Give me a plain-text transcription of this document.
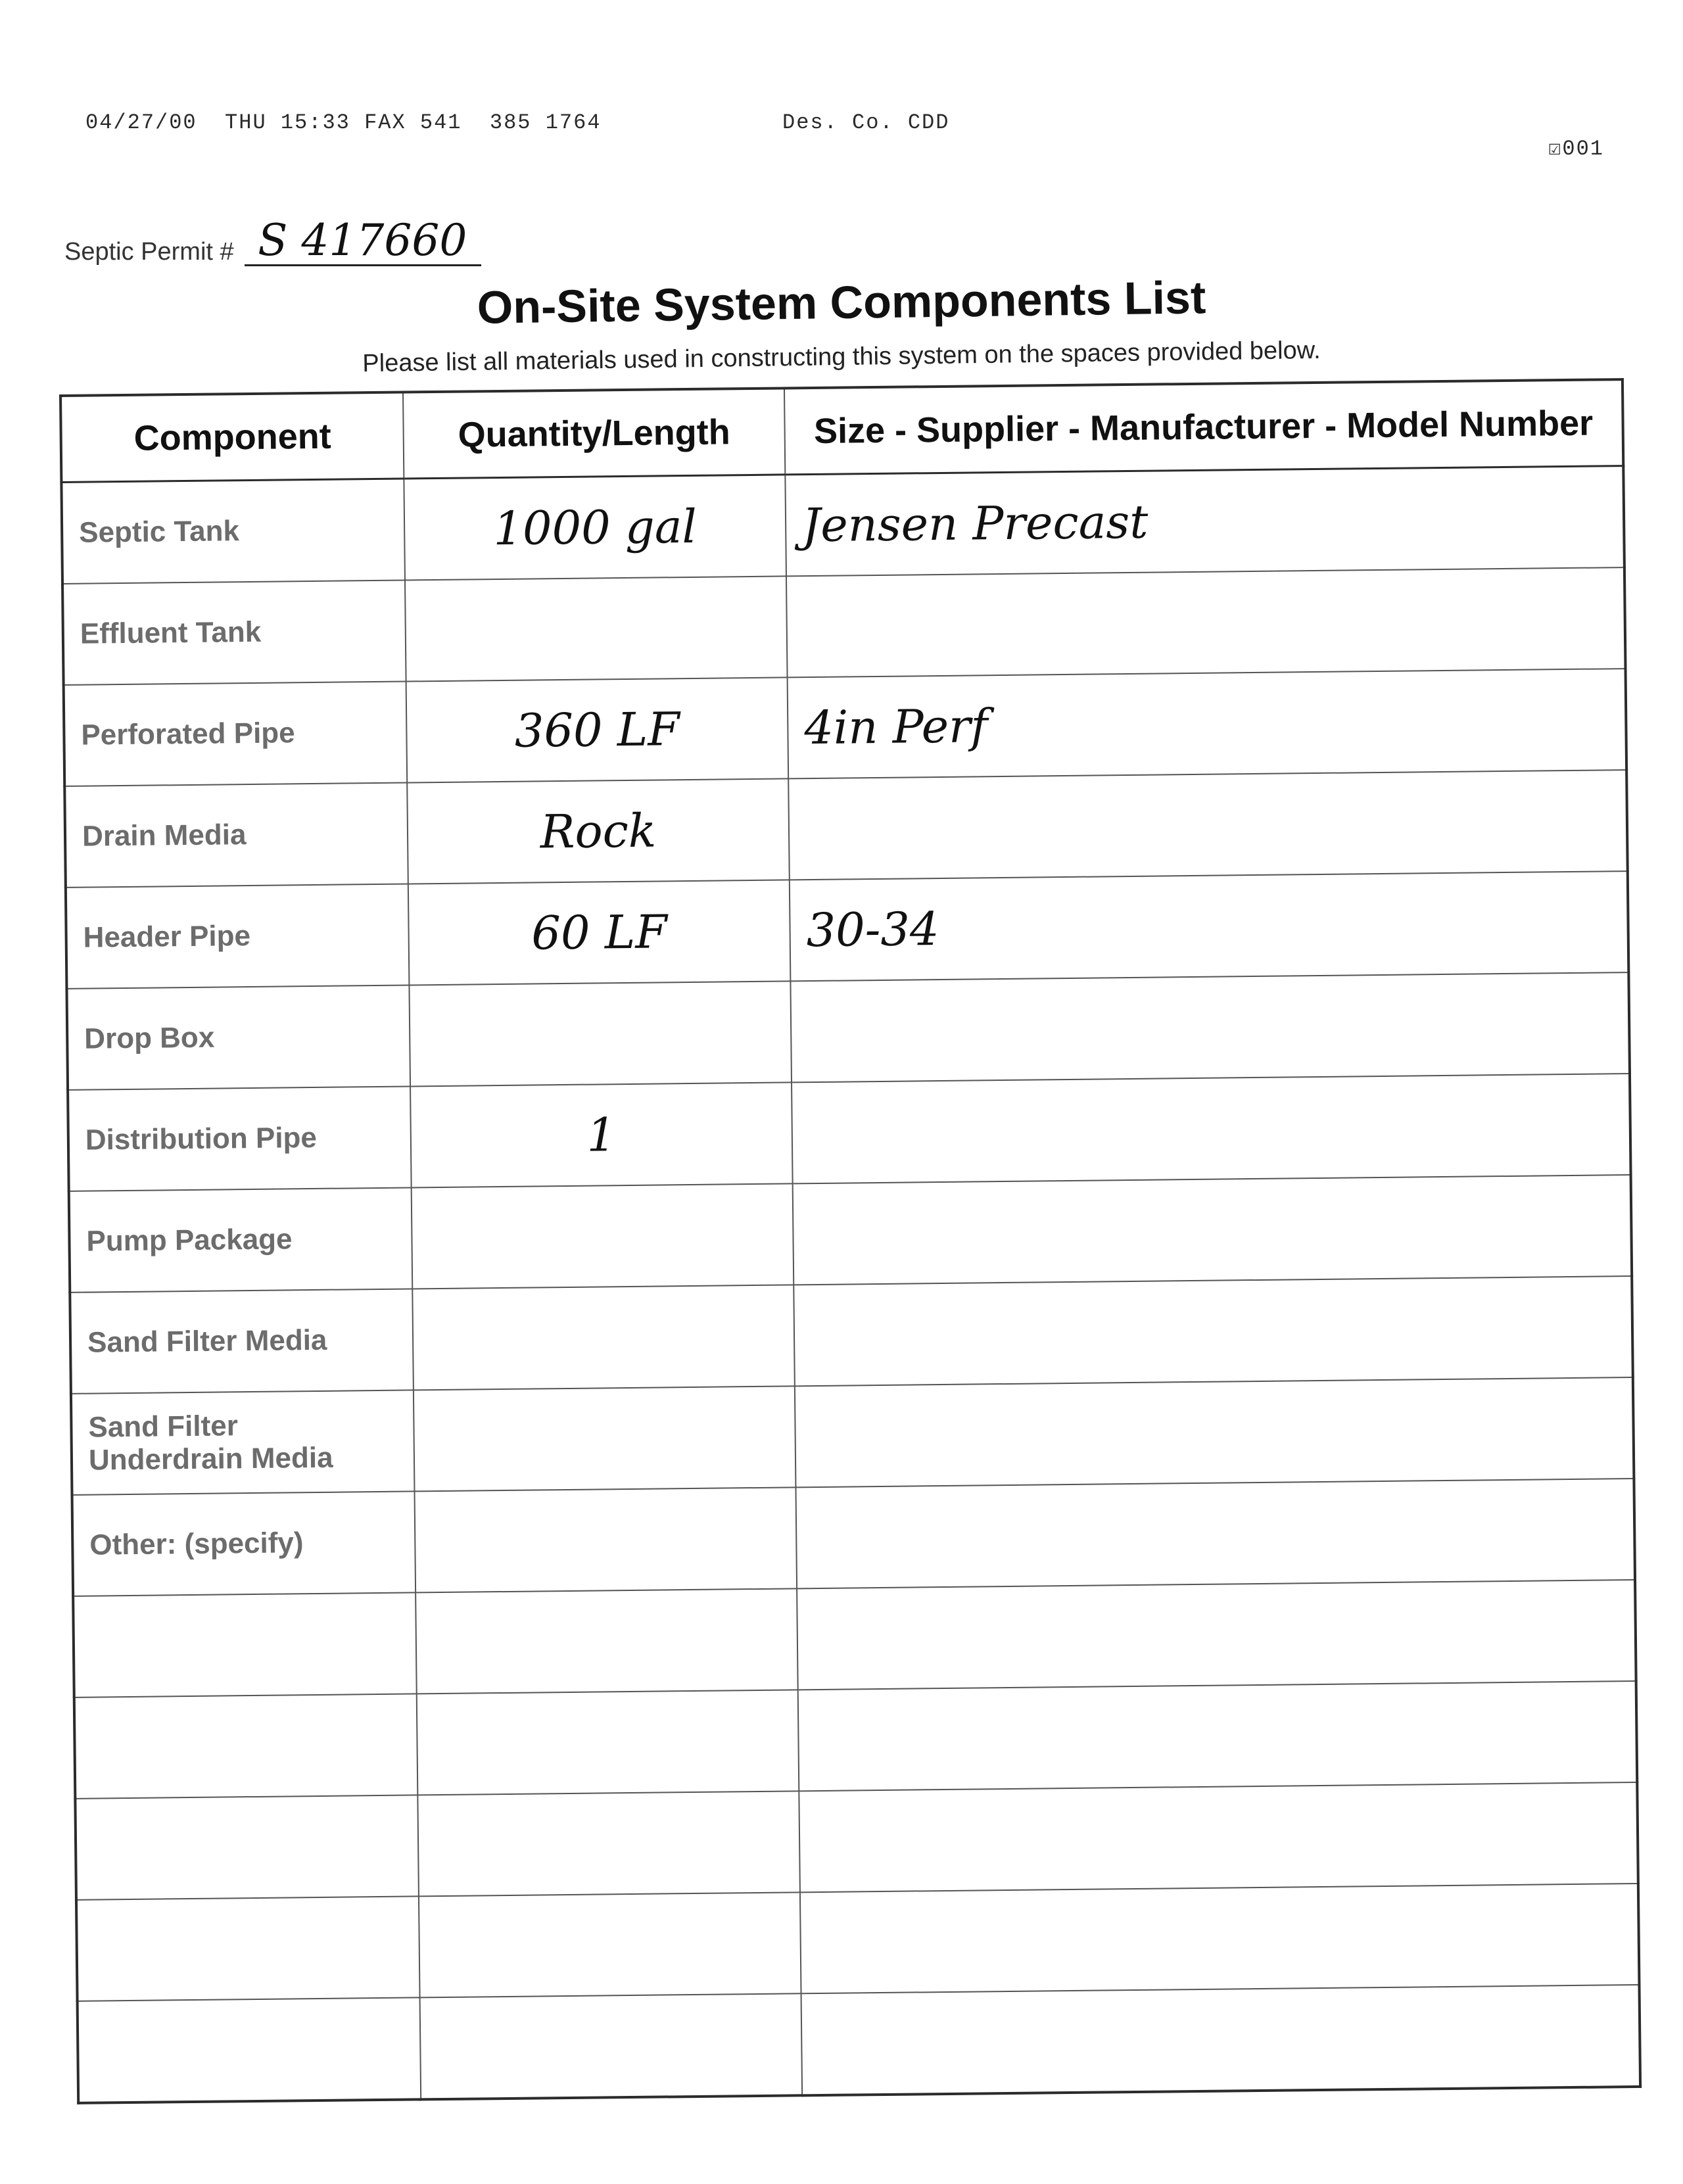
04/27/00  THU 15:33 FAX 541  385 1764	Des. Co. CDD

☑001

Septic Permit # S 417660
On-Site System Components List
Please list all materials used in constructing this system on the spaces provided below.
Component	Quantity/Length	Size - Supplier - Manufacturer - Model Number
Septic Tank	1000 gal	Jensen Precast
Effluent Tank		
Perforated Pipe	360 LF	4in Perf
Drain Media	Rock	
Header Pipe	60 LF	30-34
Drop Box		
Distribution Pipe	1	
Pump Package		
Sand Filter Media		
Sand Filter Underdrain Media		
Other: (specify)		
